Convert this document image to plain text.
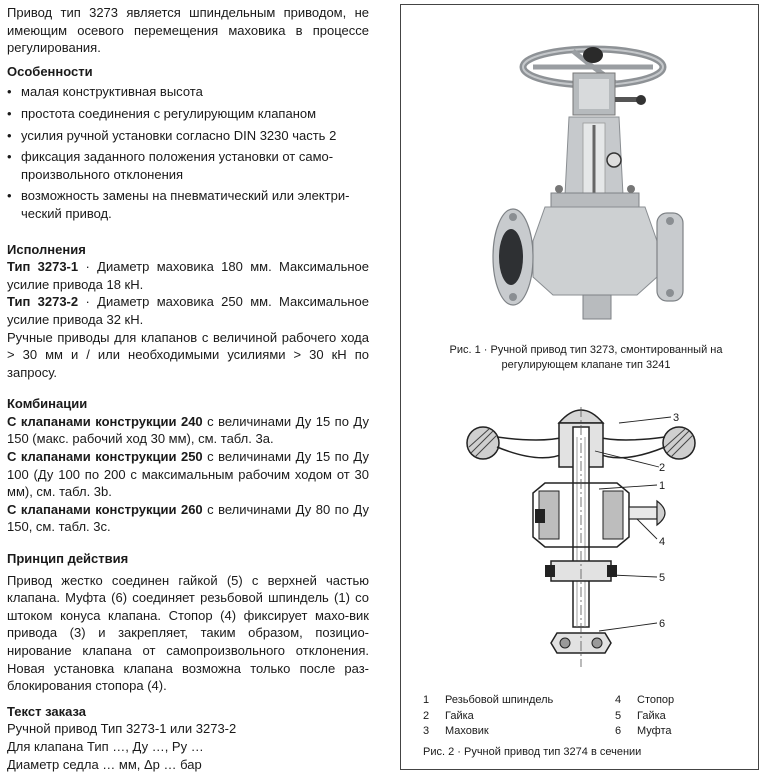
Привод тип 3273 является шпиндельным приводом, не имеющим осевого перемещения маховика в процессе регулирования.

Особенности

• малая конструктивная высота
• простота соединения с регулирующим клапаном
• усилия ручной установки согласно DIN 3230 часть 2
• фиксация заданного положения установки от само-произвольного отклонения
• возможность замены на пневматический или электри-ческий привод.

Исполнения

Тип 3273-1 · Диаметр маховика 180 мм. Максимальное усилие привода 18 кН.

Тип 3273-2 · Диаметр маховика 250 мм. Максимальное усилие привода 32 кН.

Ручные приводы для клапанов с величиной рабочего хода > 30 мм и / или необходимыми усилиями > 30 кН по запросу.

Комбинации

С клапанами конструкции 240 с величинами Ду 15 по Ду 150 (макс. рабочий ход 30 мм), см. табл. 3a.

С клапанами конструкции 250 с величинами Ду 15 по Ду 100 (Ду 100 по 200 с максимальным рабочим ходом от 30 мм), см. табл. 3b.

С клапанами конструкции 260 с величинами Ду 80 по Ду 150, см. табл. 3c.

Принцип действия

Привод жестко соединен гайкой (5) с верхней частью клапана. Муфта (6) соединяет резьбовой шпиндель (1) со штоком конуса клапана. Стопор (4) фиксирует махо-вик привода (3) и закрепляет, таким образом, позицио-нирование клапана от самопроизвольного отклонения. Новая установка клапана возможна только после раз-блокирования стопора (4).

Текст заказа

Ручной привод Тип 3273-1 или 3273-2

Для клапана Тип …, Ду …, Ру …

Диаметр седла … мм, Δp … бар

Рис. 1 · Ручной привод тип 3273, смонтированный на регулирующем клапане тип 3241
3
2
1
4
5
6
1	Резьбовой шпиндель	4	Стопор
2	Гайка	5	Гайка
3	Маховик	6	Муфта
Рис. 2 · Ручной привод тип 3274 в сечении
